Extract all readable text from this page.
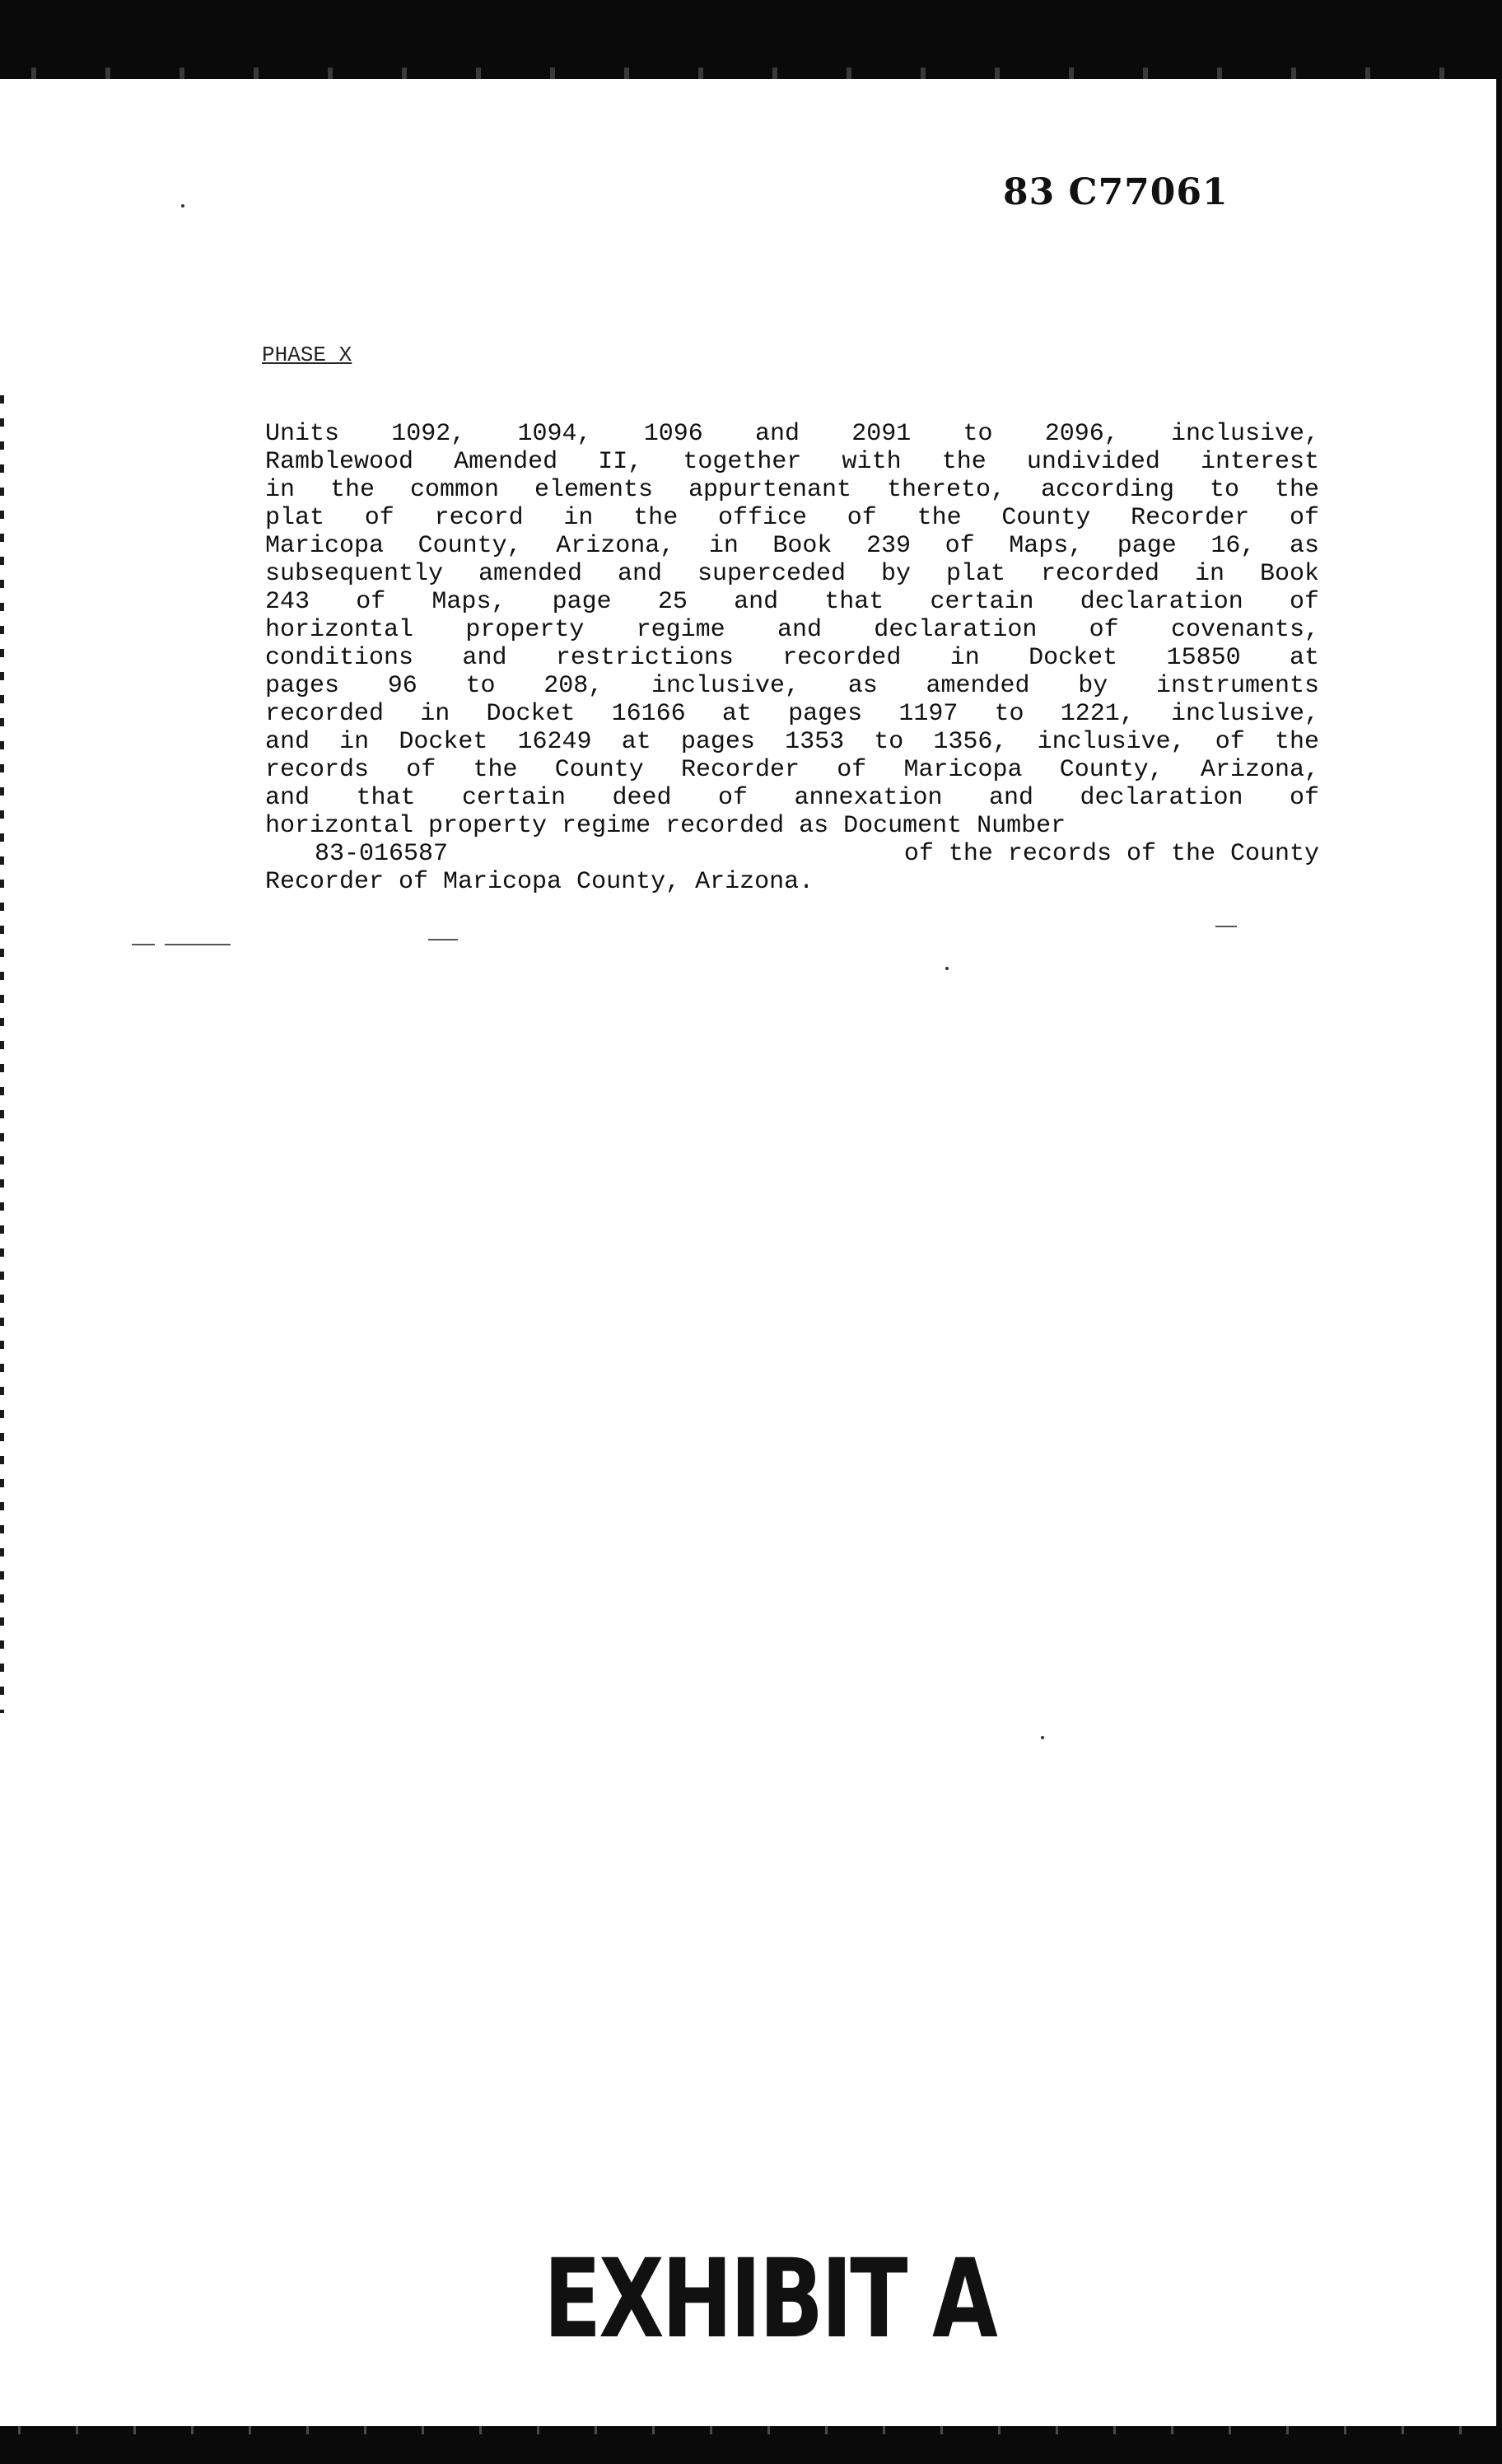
83 C77061
PHASE X
Units 1092, 1094, 1096 and 2091 to 2096, inclusive,
Ramblewood Amended II, together with the undivided interest
in the common elements appurtenant thereto, according to the
plat of record in the office of the County Recorder of
Maricopa County, Arizona, in Book 239 of Maps, page 16, as
subsequently amended and superceded by plat recorded in Book
243 of Maps, page 25 and that certain declaration of
horizontal property regime and declaration of covenants,
conditions and restrictions recorded in Docket 15850 at
pages 96 to 208, inclusive, as amended by instruments
recorded in Docket 16166 at pages 1197 to 1221, inclusive,
and in Docket 16249 at pages 1353 to 1356, inclusive, of the
records of the County Recorder of Maricopa County, Arizona,
and that certain deed of annexation and declaration of
horizontal property regime recorded as Document Number
83-016587	of the records of the County
Recorder of Maricopa County, Arizona.
EXHIBIT A
